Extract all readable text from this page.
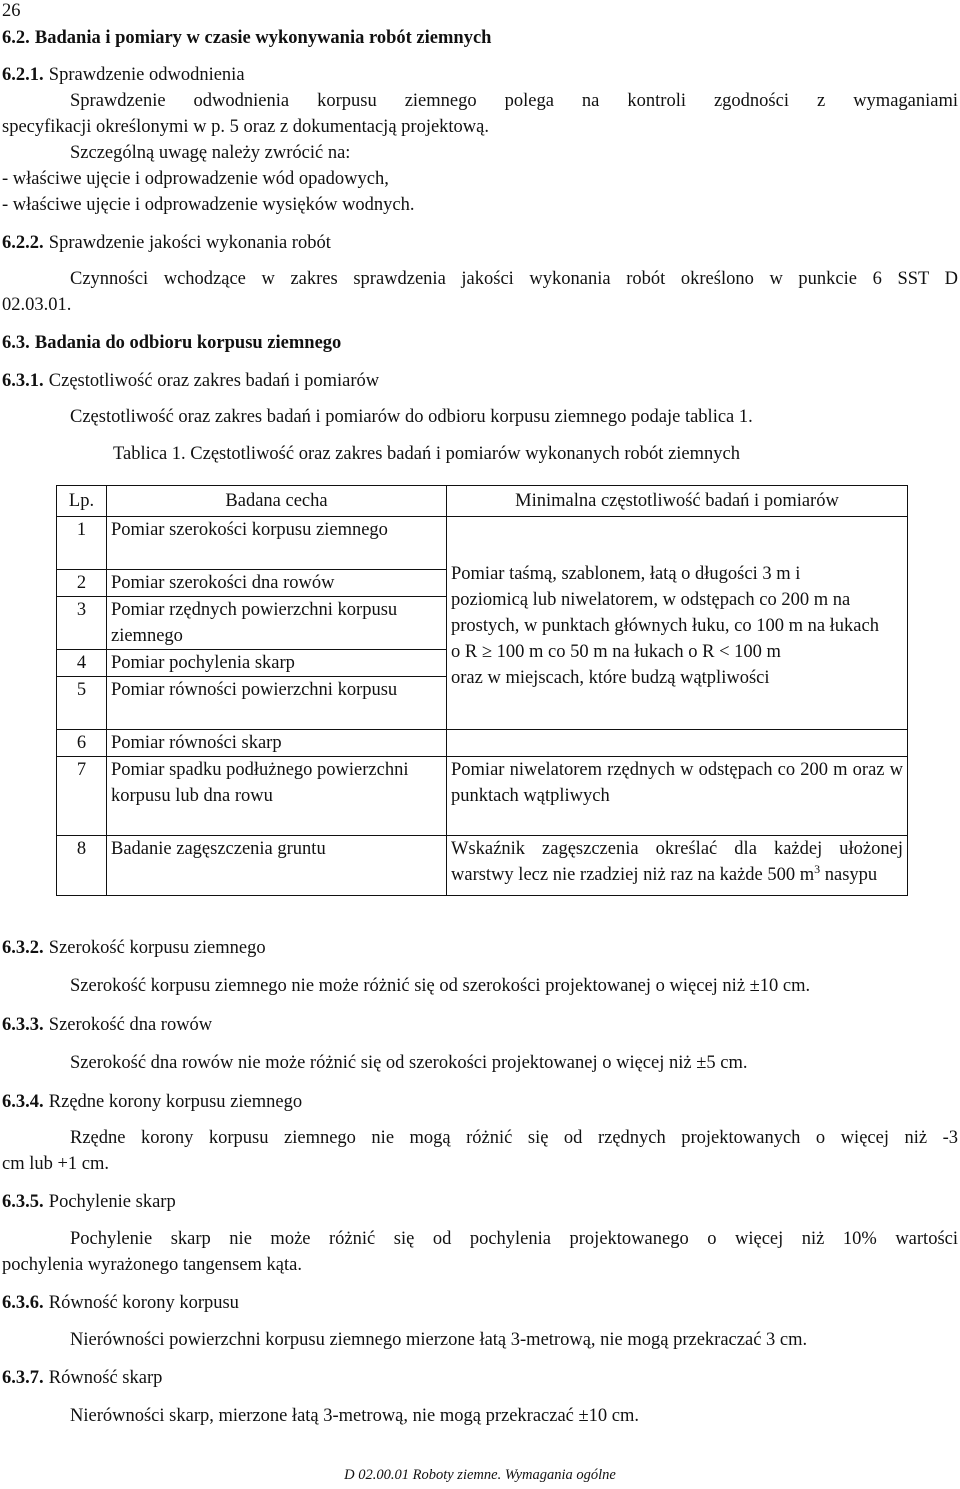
26
6.2. Badania i pomiary w czasie wykonywania robót ziemnych
6.2.1. Sprawdzenie odwodnienia
Sprawdzenie odwodnienia korpusu ziemnego polega na kontroli zgodności z wymaganiami
specyfikacji określonymi w p. 5 oraz z dokumentacją projektową.
Szczególną uwagę należy zwrócić na:
- właściwe ujęcie i odprowadzenie wód opadowych,
- właściwe ujęcie i odprowadzenie wysięków wodnych.
6.2.2. Sprawdzenie jakości wykonania robót
Czynności wchodzące w zakres sprawdzenia jakości wykonania robót określono w punkcie 6 SST D
02.03.01.
6.3. Badania do odbioru korpusu ziemnego
6.3.1. Częstotliwość oraz zakres badań i pomiarów
Częstotliwość oraz zakres badań i pomiarów do odbioru korpusu ziemnego podaje tablica 1.
Tablica 1. Częstotliwość oraz zakres badań i pomiarów wykonanych robót ziemnych
Lp.	Badana cecha	Minimalna częstotliwość badań i pomiarów
1	Pomiar szerokości korpusu ziemnego	Pomiar taśmą, szablonem, łatą o długości 3 m i
poziomicą lub niwelatorem, w odstępach co 200 m na
prostych, w punktach głównych łuku, co 100 m na łukach
o R ≥ 100 m co 50 m na łukach o R < 100 m
oraz w miejscach, które budzą wątpliwości

2	Pomiar szerokości dna rowów	
3	Pomiar rzędnych powierzchni korpusu ziemnego	
4	Pomiar pochylenia skarp	
5	Pomiar równości powierzchni korpusu	
6	Pomiar równości skarp	
7	Pomiar spadku podłużnego powierzchni korpusu lub dna rowu	Pomiar niwelatorem rzędnych w odstępach co 200 m oraz w punktach wątpliwych
8	Badanie zagęszczenia gruntu	Wskaźnik zagęszczenia określać dla każdej ułożonej warstwy lecz nie rzadziej niż raz na każde 500 $m^3$ nasypu
6.3.2. Szerokość korpusu ziemnego
Szerokość korpusu ziemnego nie może różnić się od szerokości projektowanej o więcej niż ±10 cm.
6.3.3. Szerokość dna rowów
Szerokość dna rowów nie może różnić się od szerokości projektowanej o więcej niż ±5 cm.
6.3.4. Rzędne korony korpusu ziemnego
Rzędne korony korpusu ziemnego nie mogą różnić się od rzędnych projektowanych o więcej niż -3
cm lub +1 cm.
6.3.5. Pochylenie skarp
Pochylenie skarp nie może różnić się od pochylenia projektowanego o więcej niż 10% wartości
pochylenia wyrażonego tangensem kąta.
6.3.6. Równość korony korpusu
Nierówności powierzchni korpusu ziemnego mierzone łatą 3-metrową, nie mogą przekraczać 3 cm.
6.3.7. Równość skarp
Nierówności skarp, mierzone łatą 3-metrową, nie mogą przekraczać ±10 cm.
D 02.00.01 Roboty ziemne. Wymagania ogólne
